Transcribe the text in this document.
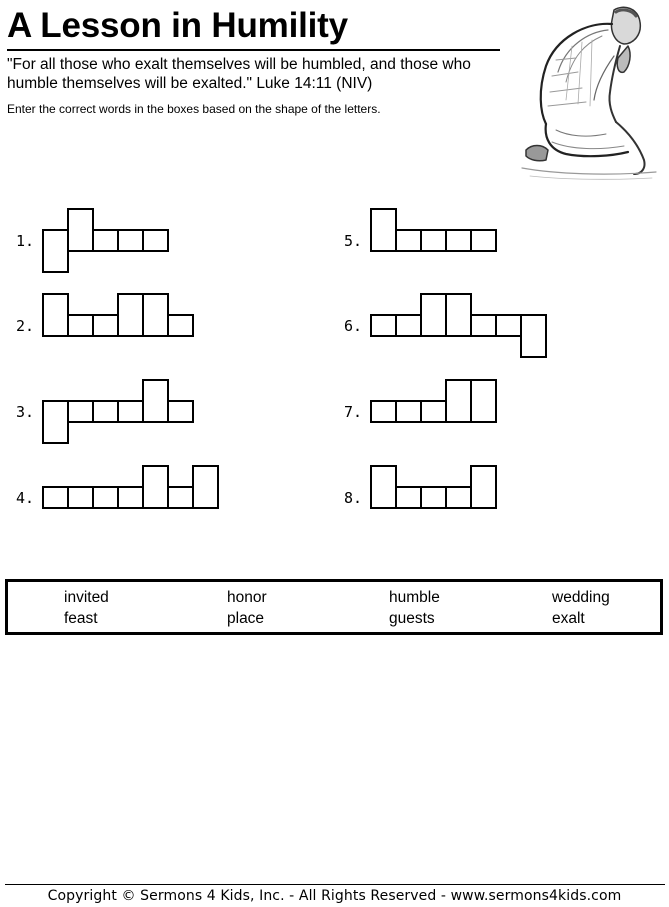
A Lesson in Humility
"For all those who exalt themselves will be humbled, and those who humble themselves will be exalted." Luke 14:11 (NIV)
Enter the correct words in the boxes based on the shape of the letters.
1.
2.
3.
4.
5.
6.
7.
8.
invited	honor	humble	wedding
feast	place	guests	exalt
Copyright © Sermons 4 Kids, Inc. - All Rights Reserved - www.sermons4kids.com
